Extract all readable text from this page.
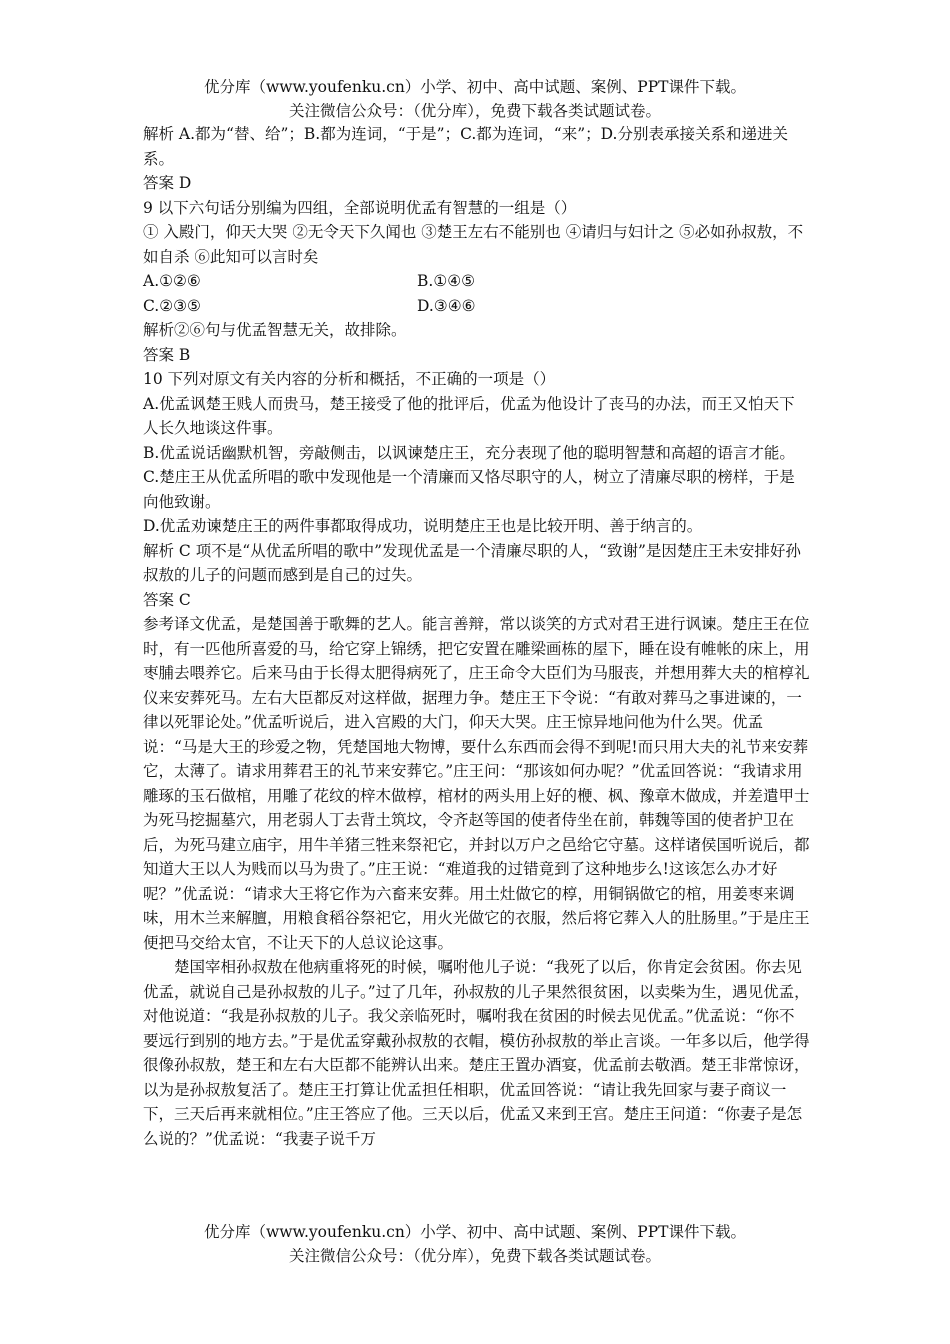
优分库（www.youfenku.cn）小学、初中、高中试题、案例、PPT课件下载。
关注微信公众号：（优分库），免费下载各类试题试卷。

解析 A.都为“替、给”；B.都为连词，“于是”；C.都为连词，“来”；D.分别表承接关系和递进关系。

答案 D

9 以下六句话分别编为四组，全部说明优孟有智慧的一组是（）

① 入殿门，仰天大哭 ②无令天下久闻也 ③楚王左右不能别也 ④请归与妇计之 ⑤必如孙叔敖，不如自杀 ⑥此知可以言时矣

A.①②⑥	B.①④⑤
C.②③⑤	D.③④⑥

解析②⑥句与优孟智慧无关，故排除。

答案 B

10 下列对原文有关内容的分析和概括，不正确的一项是（）

A.优孟讽楚王贱人而贵马，楚王接受了他的批评后，优孟为他设计了丧马的办法，而王又怕天下人长久地谈这件事。

B.优孟说话幽默机智，旁敲侧击，以讽谏楚庄王，充分表现了他的聪明智慧和高超的语言才能。

C.楚庄王从优孟所唱的歌中发现他是一个清廉而又恪尽职守的人，树立了清廉尽职的榜样，于是向他致谢。

D.优孟劝谏楚庄王的两件事都取得成功，说明楚庄王也是比较开明、善于纳言的。

解析 C 项不是“从优孟所唱的歌中”发现优孟是一个清廉尽职的人，“致谢”是因楚庄王未安排好孙叔敖的儿子的问题而感到是自己的过失。

答案 C

参考译文优孟，是楚国善于歌舞的艺人。能言善辩，常以谈笑的方式对君王进行讽谏。楚庄王在位时，有一匹他所喜爱的马，给它穿上锦绣，把它安置在雕梁画栋的屋下，睡在设有帷帐的床上，用枣脯去喂养它。后来马由于长得太肥得病死了，庄王命令大臣们为马服丧，并想用葬大夫的棺椁礼仪来安葬死马。左右大臣都反对这样做，据理力争。楚庄王下令说：“有敢对葬马之事进谏的，一律以死罪论处。”优孟听说后，进入宫殿的大门，仰天大哭。庄王惊异地问他为什么哭。优孟说：“马是大王的珍爱之物，凭楚国地大物博，要什么东西而会得不到呢!而只用大夫的礼节来安葬它，太薄了。请求用葬君王的礼节来安葬它。”庄王问：“那该如何办呢？”优孟回答说：“我请求用雕琢的玉石做棺，用雕了花纹的梓木做椁，棺材的两头用上好的楩、枫、豫章木做成，并差遣甲士为死马挖掘墓穴，用老弱人丁去背土筑坟，令齐赵等国的使者侍坐在前，韩魏等国的使者护卫在后，为死马建立庙宇，用牛羊猪三牲来祭祀它，并封以万户之邑给它守墓。这样诸侯国听说后，都知道大王以人为贱而以马为贵了。”庄王说：“难道我的过错竟到了这种地步么!这该怎么办才好呢？”优孟说：“请求大王将它作为六畜来安葬。用土灶做它的椁，用铜锅做它的棺，用姜枣来调味，用木兰来解膻，用粮食稻谷祭祀它，用火光做它的衣服，然后将它葬入人的肚肠里。”于是庄王便把马交给太官，不让天下的人总议论这事。

楚国宰相孙叔敖在他病重将死的时候，嘱咐他儿子说：“我死了以后，你肯定会贫困。你去见优孟，就说自己是孙叔敖的儿子。”过了几年，孙叔敖的儿子果然很贫困，以卖柴为生，遇见优孟，对他说道：“我是孙叔敖的儿子。我父亲临死时，嘱咐我在贫困的时候去见优孟。”优孟说：“你不要远行到别的地方去。”于是优孟穿戴孙叔敖的衣帽，模仿孙叔敖的举止言谈。一年多以后，他学得很像孙叔敖，楚王和左右大臣都不能辨认出来。楚庄王置办酒宴，优孟前去敬酒。楚王非常惊讶，以为是孙叔敖复活了。楚庄王打算让优孟担任相职，优孟回答说：“请让我先回家与妻子商议一下，三天后再来就相位。”庄王答应了他。三天以后，优孟又来到王宫。楚庄王问道：“你妻子是怎么说的？”优孟说：“我妻子说千万

优分库（www.youfenku.cn）小学、初中、高中试题、案例、PPT课件下载。
关注微信公众号：（优分库），免费下载各类试题试卷。
